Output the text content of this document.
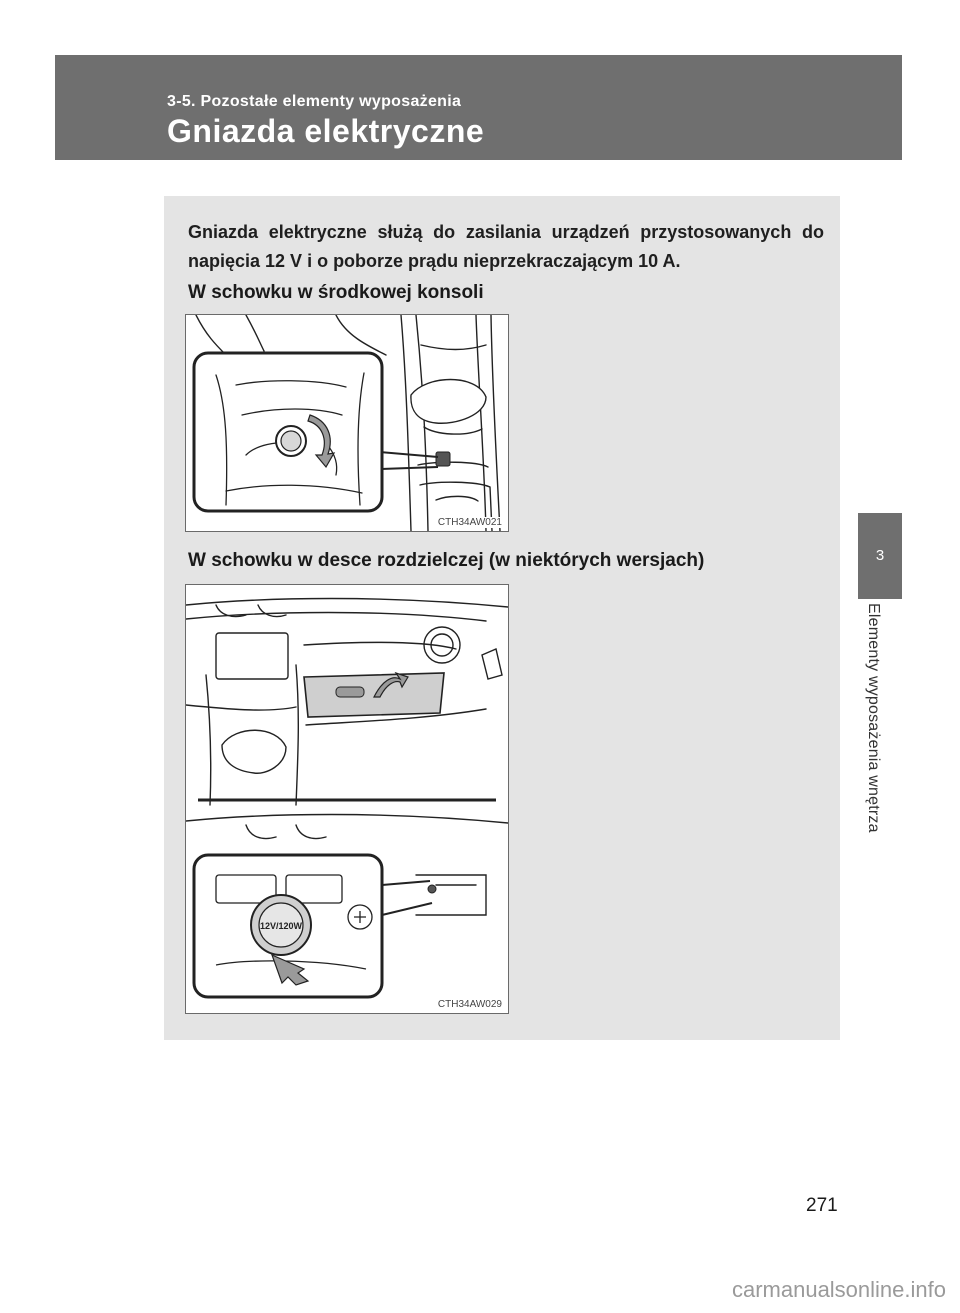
3-5. Pozostałe elementy wyposażenia
Gniazda elektryczne
3
Elementy wyposażenia wnętrza
Gniazda elektryczne służą do zasilania urządzeń przystosowanych do napięcia 12 V i o poborze prądu nieprzekraczającym 10 A.
W schowku w środkowej konsoli
CTH34AW021
W schowku w desce rozdzielczej (w niektórych wersjach)
12V/120W
CTH34AW029
271
carmanualsonline.info
